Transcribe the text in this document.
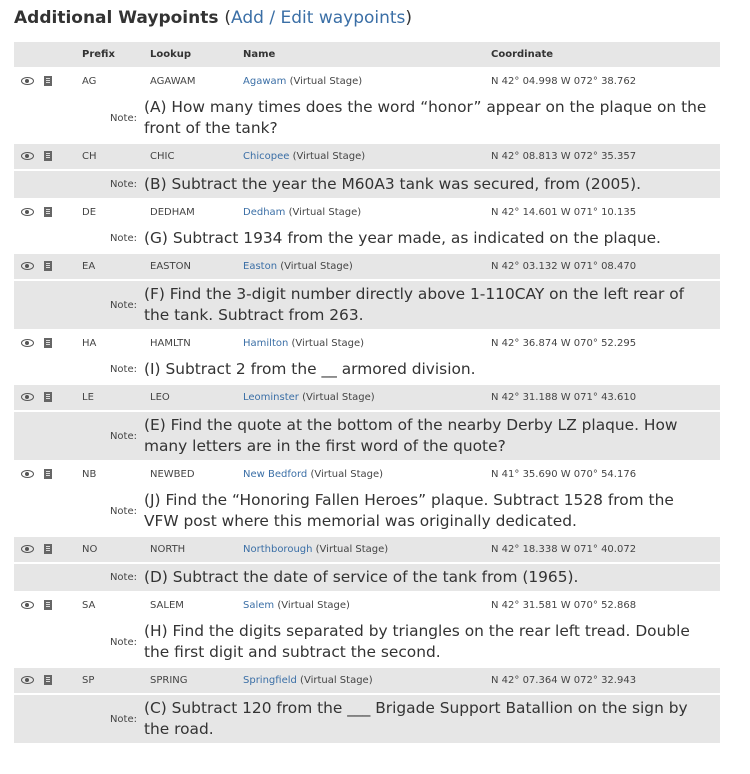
Additional Waypoints (Add / Edit waypoints)
	Prefix	Lookup	Name	Coordinate
	AG	AGAWAM	Agawam (Virtual Stage)	N 42° 04.998 W 072° 38.762
Note:		(A) How many times does the word “honor” appear on the plaque on the front of the tank?		
	CH	CHIC	Chicopee (Virtual Stage)	N 42° 08.813 W 072° 35.357
Note:		(B) Subtract the year the M60A3 tank was secured, from (2005).		
	DE	DEDHAM	Dedham (Virtual Stage)	N 42° 14.601 W 071° 10.135
Note:		(G) Subtract 1934 from the year made, as indicated on the plaque.		
	EA	EASTON	Easton (Virtual Stage)	N 42° 03.132 W 071° 08.470
Note:		(F) Find the 3-digit number directly above 1-110CAY on the left rear of the tank. Subtract from 263.		
	HA	HAMLTN	Hamilton (Virtual Stage)	N 42° 36.874 W 070° 52.295
Note:		(I) Subtract 2 from the __ armored division.		
	LE	LEO	Leominster (Virtual Stage)	N 42° 31.188 W 071° 43.610
Note:		(E) Find the quote at the bottom of the nearby Derby LZ plaque. How many letters are in the first word of the quote?		
	NB	NEWBED	New Bedford (Virtual Stage)	N 41° 35.690 W 070° 54.176
Note:		(J) Find the “Honoring Fallen Heroes” plaque. Subtract 1528 from the VFW post where this memorial was originally dedicated.		
	NO	NORTH	Northborough (Virtual Stage)	N 42° 18.338 W 071° 40.072
Note:		(D) Subtract the date of service of the tank from (1965).		
	SA	SALEM	Salem (Virtual Stage)	N 42° 31.581 W 070° 52.868
Note:		(H) Find the digits separated by triangles on the rear left tread. Double the first digit and subtract the second.		
	SP	SPRING	Springfield (Virtual Stage)	N 42° 07.364 W 072° 32.943
Note:		(C) Subtract 120 from the ___ Brigade Support Batallion on the sign by the road.		
